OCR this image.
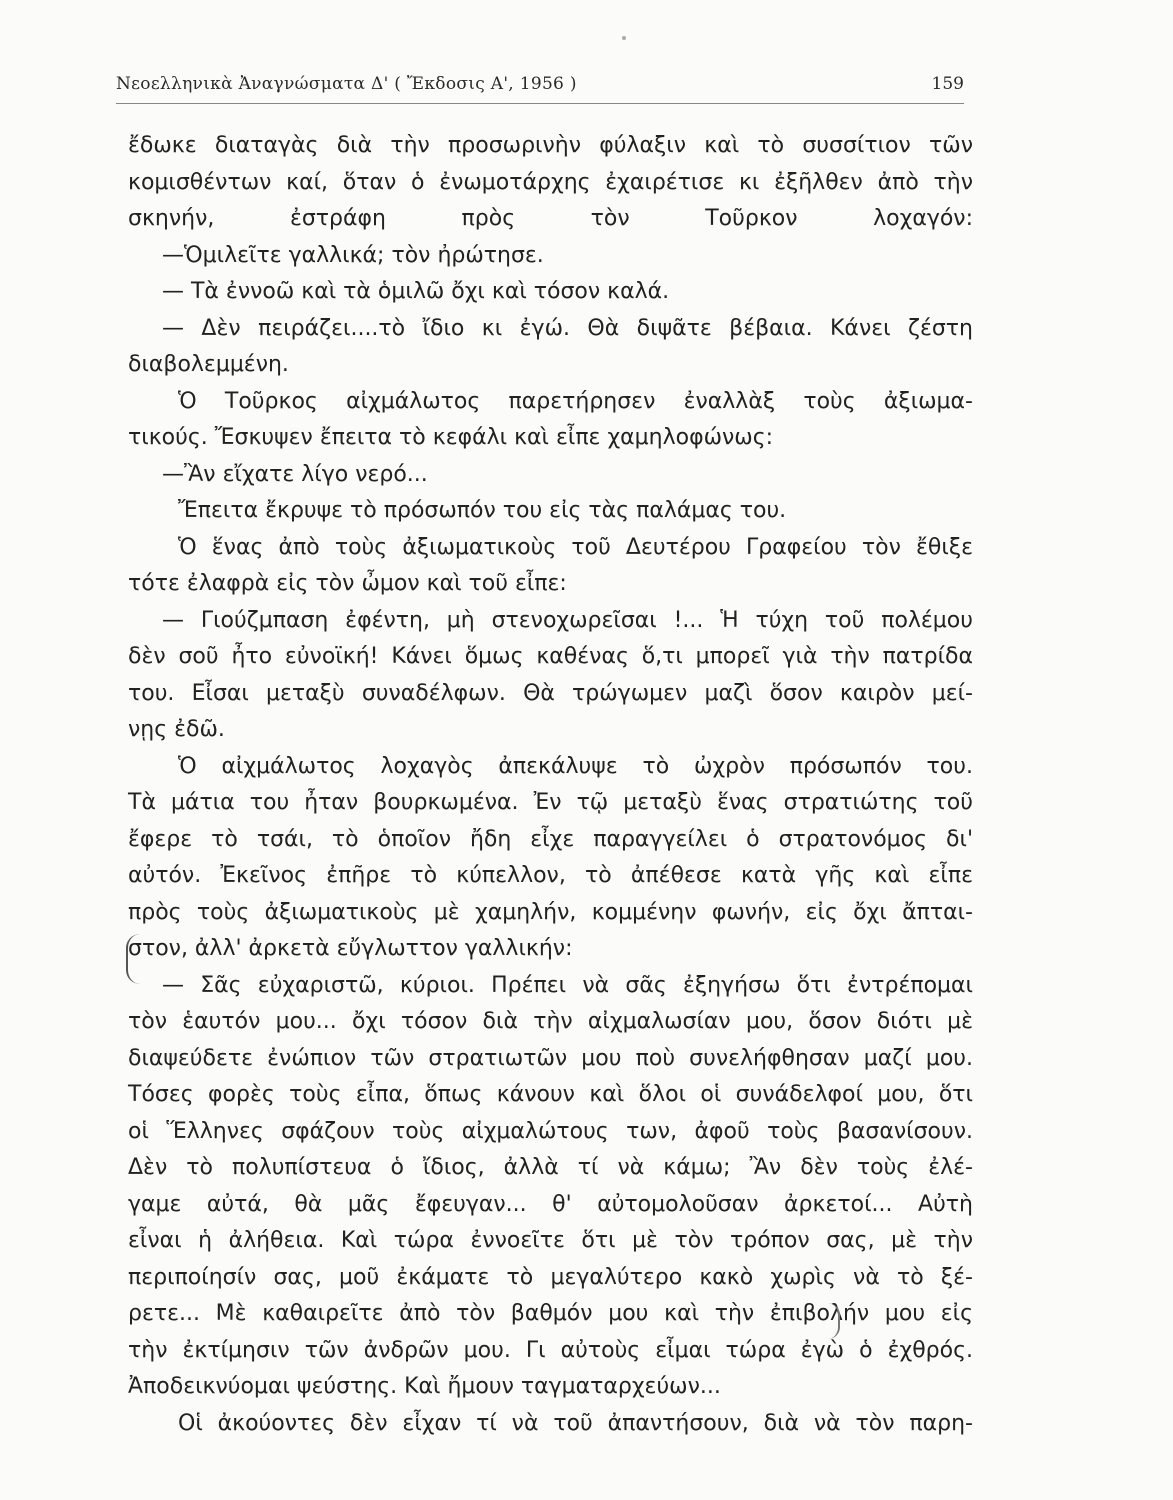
Νεοελληνικὰ Ἀναγνώσματα Δ' ( Ἔκδοσις Α', 1956 )	159
ἔδωκε διαταγὰς διὰ τὴν προσωρινὴν φύλαξιν καὶ τὸ συσσίτιον τῶν
κομισθέντων καί, ὅταν ὁ ἐνωμοτάρχης ἐχαιρέτισε κι ἐξῆλθεν ἀπὸ τὴν
σκηνήν, ἐστράφη πρὸς τὸν Τοῦρκον λοχαγόν:
—Ὁμιλεῖτε γαλλικά; τὸν ἠρώτησε.
— Τὰ ἐννοῶ καὶ τὰ ὁμιλῶ ὄχι καὶ τόσον καλά.
— Δὲν πειράζει....τὸ ἴδιο κι ἐγώ. Θὰ διψᾶτε βέβαια. Κάνει ζέστη
διαβολεμμένη.
Ὁ Τοῦρκος αἰχμάλωτος παρετήρησεν ἐναλλὰξ τοὺς ἀξιωμα-
τικούς. Ἔσκυψεν ἔπειτα τὸ κεφάλι καὶ εἶπε χαμηλοφώνως:
—Ἂν εἴχατε λίγο νερό...
Ἔπειτα ἔκρυψε τὸ πρόσωπόν του εἰς τὰς παλάμας του.
Ὁ ἕνας ἀπὸ τοὺς ἀξιωματικοὺς τοῦ Δευτέρου Γραφείου τὸν ἔθιξε
τότε ἐλαφρὰ εἰς τὸν ὦμον καὶ τοῦ εἶπε:
— Γιούζμπαση ἐφέντη, μὴ στενοχωρεῖσαι !... Ἡ τύχη τοῦ πολέμου
δὲν σοῦ ἦτο εὐνοϊκή! Κάνει ὅμως καθένας ὅ,τι μπορεῖ γιὰ τὴν πατρίδα
του. Εἶσαι μεταξὺ συναδέλφων. Θὰ τρώγωμεν μαζὶ ὅσον καιρὸν μεί-
νῃς ἐδῶ.
Ὁ αἰχμάλωτος λοχαγὸς ἀπεκάλυψε τὸ ὠχρὸν πρόσωπόν του.
Τὰ μάτια του ἦταν βουρκωμένα. Ἐν τῷ μεταξὺ ἕνας στρατιώτης τοῦ
ἔφερε τὸ τσάι, τὸ ὁποῖον ἤδη εἶχε παραγγείλει ὁ στρατονόμος δι'
αὐτόν. Ἐκεῖνος ἐπῆρε τὸ κύπελλον, τὸ ἀπέθεσε κατὰ γῆς καὶ εἶπε
πρὸς τοὺς ἀξιωματικοὺς μὲ χαμηλήν, κομμένην φωνήν, εἰς ὄχι ἄπται-
στον, ἀλλ' ἀρκετὰ εὔγλωττον γαλλικήν:
— Σᾶς εὐχαριστῶ, κύριοι. Πρέπει νὰ σᾶς ἐξηγήσω ὅτι ἐντρέπομαι
τὸν ἑαυτόν μου... ὄχι τόσον διὰ τὴν αἰχμαλωσίαν μου, ὅσον διότι μὲ
διαψεύδετε ἐνώπιον τῶν στρατιωτῶν μου ποὺ συνελήφθησαν μαζί μου.
Τόσες φορὲς τοὺς εἶπα, ὅπως κάνουν καὶ ὅλοι οἱ συνάδελφοί μου, ὅτι
οἱ Ἕλληνες σφάζουν τοὺς αἰχμαλώτους των, ἀφοῦ τοὺς βασανίσουν.
Δὲν τὸ πολυπίστευα ὁ ἴδιος, ἀλλὰ τί νὰ κάμω; Ἂν δὲν τοὺς ἐλέ-
γαμε αὐτά, θὰ μᾶς ἔφευγαν... θ' αὐτομολοῦσαν ἀρκετοί... Αὐτὴ
εἶναι ἡ ἀλήθεια. Καὶ τώρα ἐννοεῖτε ὅτι μὲ τὸν τρόπον σας, μὲ τὴν
περιποίησίν σας, μοῦ ἐκάματε τὸ μεγαλύτερο κακὸ χωρὶς νὰ τὸ ξέ-
ρετε... Μὲ καθαιρεῖτε ἀπὸ τὸν βαθμόν μου καὶ τὴν ἐπιβολήν μου εἰς
τὴν ἐκτίμησιν τῶν ἀνδρῶν μου. Γι αὐτοὺς εἶμαι τώρα ἐγὼ ὁ ἐχθρός.
Ἀποδεικνύομαι ψεύστης. Καὶ ἤμουν ταγματαρχεύων...
Οἱ ἀκούοντες δὲν εἶχαν τί νὰ τοῦ ἀπαντήσουν, διὰ νὰ τὸν παρη-
